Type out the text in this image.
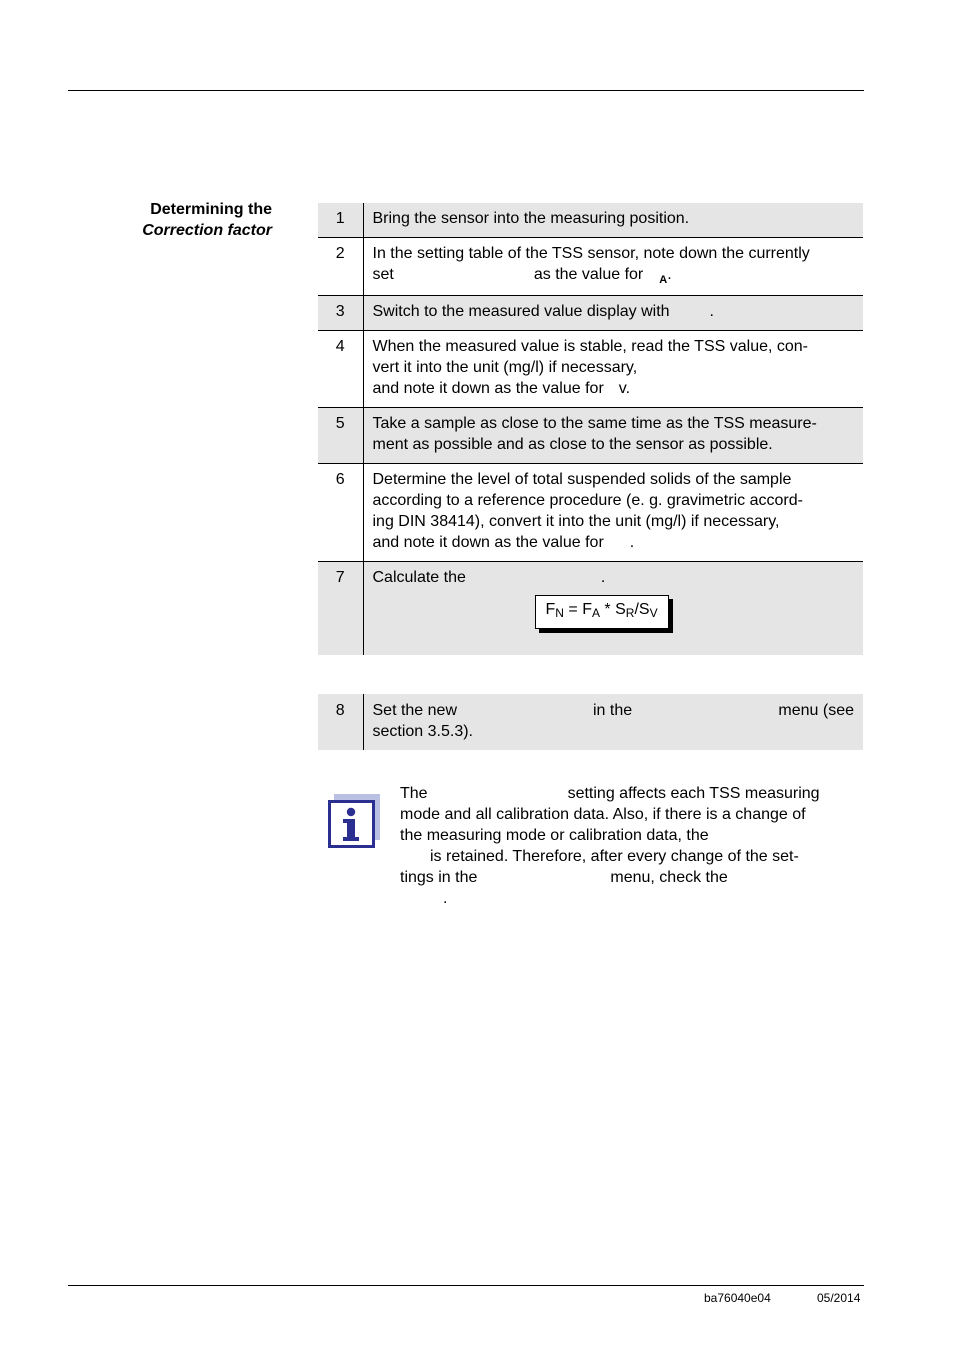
Determining the
Correction factor
1	Bring the sensor into the measuring position.
2	In the setting table of the TSS sensor, note down the currently
set as the value for $_A$.

3	Switch to the measured value display with .
4	When the measured value is stable, read the TSS value, con-
vert it into the unit (mg/l) if necessary,
and note it down as the value for v.

5	Take a sample as close to the same time as the TSS measure-
ment as possible and as close to the sensor as possible.

6	Determine the level of total suspended solids of the sample
according to a reference procedure (e. g. gravimetric accord-
ing DIN 38414), convert it into the unit (mg/l) if necessary,
and note it down as the value for .

7	Calculate the .
$F_N = F_A * S_R/S_V$
8	Set the new	in the	menu (see
section 3.5.3).
The	setting affects each TSS measuring
mode and all calibration data. Also, if there is a change of
the measuring mode or calibration data, the
is retained. Therefore, after every change of the set-
tings in the	menu, check the
.
ba76040e04	05/2014
